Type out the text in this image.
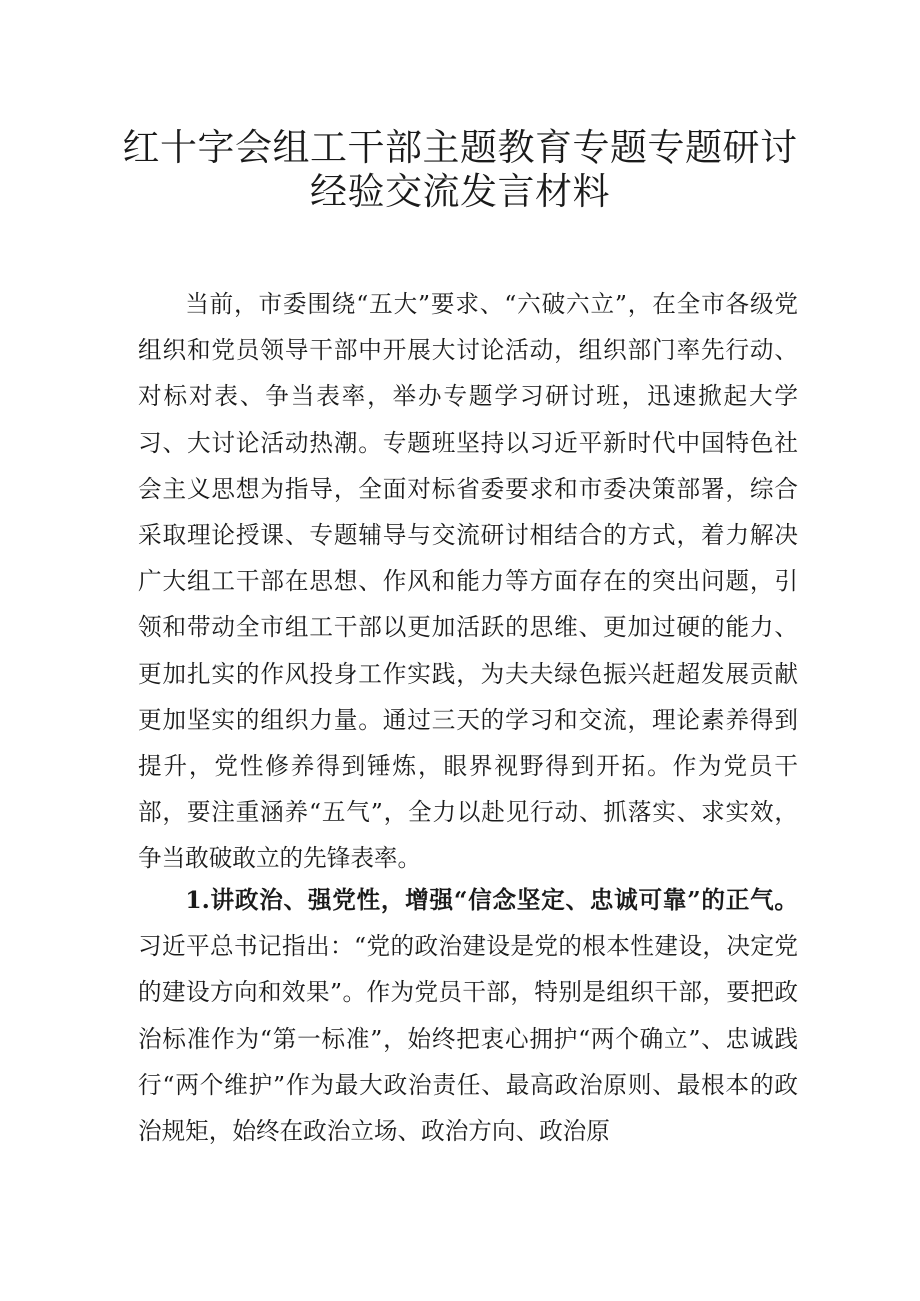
红十字会组工干部主题教育专题专题研讨
经验交流发言材料

当前，市委围绕“五大”要求、“六破六立”，在全市各级党组织和党员领导干部中开展大讨论活动，组织部门率先行动、对标对表、争当表率，举办专题学习研讨班，迅速掀起大学习、大讨论活动热潮。专题班坚持以习近平新时代中国特色社会主义思想为指导，全面对标省委要求和市委决策部署，综合采取理论授课、专题辅导与交流研讨相结合的方式，着力解决广大组工干部在思想、作风和能力等方面存在的突出问题，引领和带动全市组工干部以更加活跃的思维、更加过硬的能力、更加扎实的作风投身工作实践，为夫夫绿色振兴赶超发展贡献更加坚实的组织力量。通过三天的学习和交流，理论素养得到提升，党性修养得到锤炼，眼界视野得到开拓。作为党员干部，要注重涵养“五气”，全力以赴见行动、抓落实、求实效，争当敢破敢立的先锋表率。

1.讲政治、强党性，增强“信念坚定、忠诚可靠”的正气。习近平总书记指出：“党的政治建设是党的根本性建设，决定党的建设方向和效果”。作为党员干部，特别是组织干部，要把政治标准作为“第一标准”，始终把衷心拥护“两个确立”、忠诚践行“两个维护”作为最大政治责任、最高政治原则、最根本的政治规矩，始终在政治立场、政治方向、政治原
